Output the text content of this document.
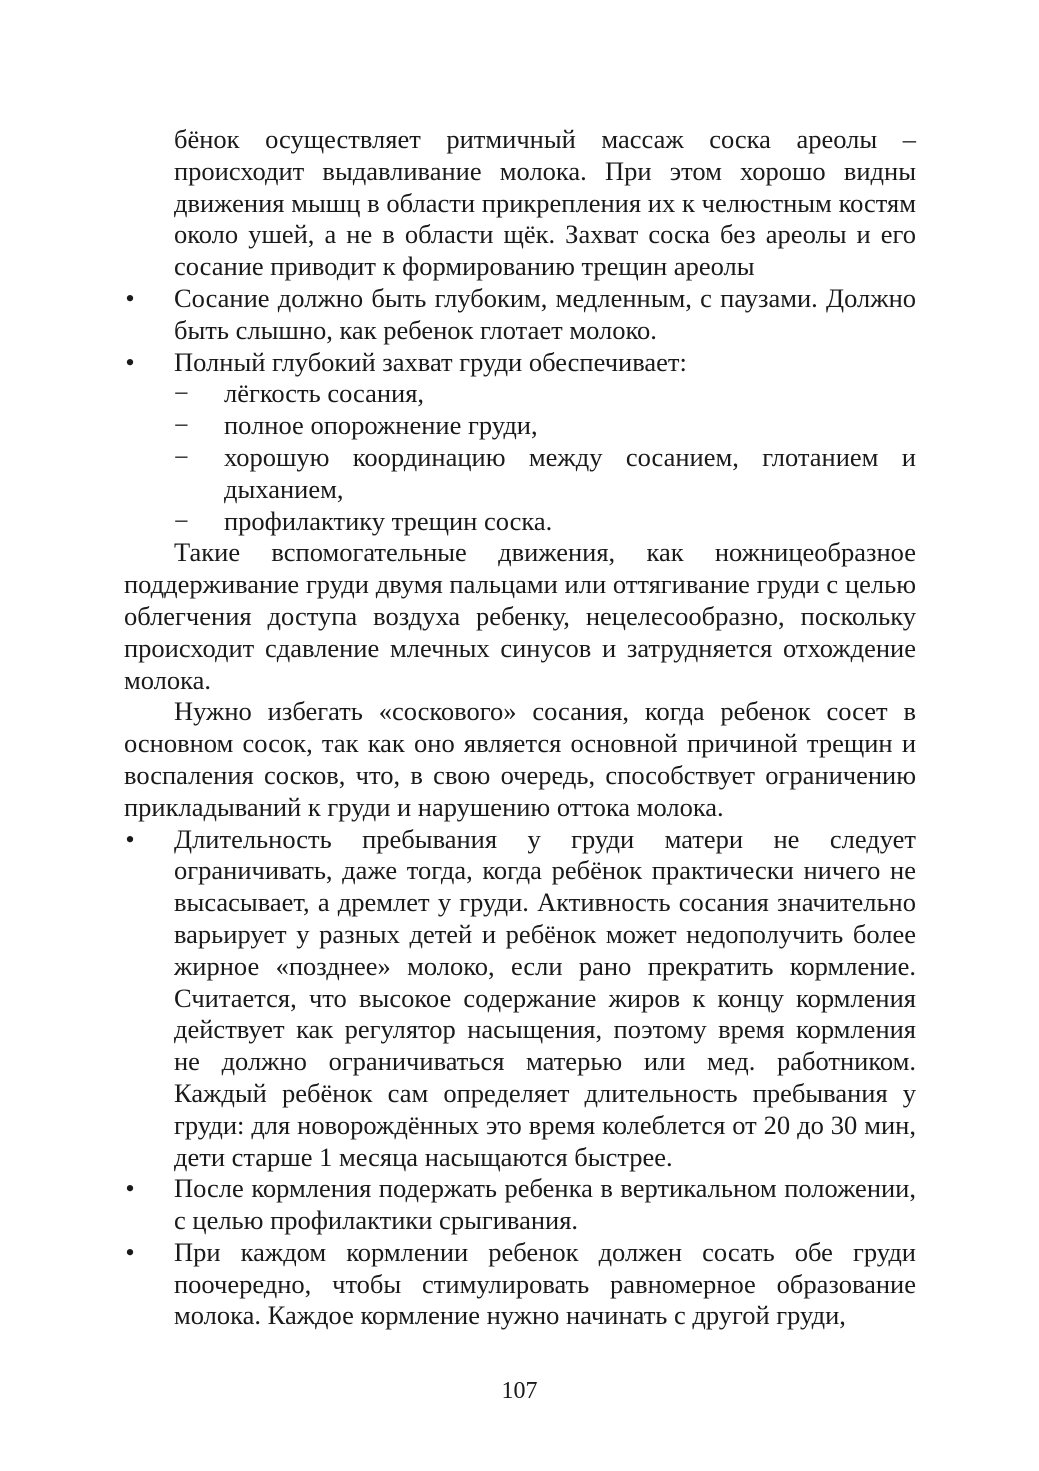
бёнок осуществляет ритмичный массаж соска ареолы – происходит выдавливание молока. При этом хорошо видны движения мышц в области прикрепления их к челюстным костям около ушей, а не в области щёк. Захват соска без ареолы и его сосание приводит к формированию трещин ареолы
• Сосание должно быть глубоким, медленным, с паузами. Должно быть слышно, как ребенок глотает молоко.
• Полный глубокий захват груди обеспечивает:
− лёгкость сосания,
− полное опорожнение груди,
− хорошую координацию между сосанием, глотанием и дыханием,
− профилактику трещин соска.

Такие вспомогательные движения, как ножницеобразное поддерживание груди двумя пальцами или оттягивание груди с целью облегчения доступа воздуха ребенку, нецелесообразно, поскольку происходит сдавление млечных синусов и затрудняется отхождение молока.

Нужно избегать «соскового» сосания, когда ребенок сосет в основном сосок, так как оно является основной причиной трещин и воспаления сосков, что, в свою очередь, способствует ограничению прикладываний к груди и нарушению оттока молока.

• Длительность пребывания у груди матери не следует ограничивать, даже тогда, когда ребёнок практически ничего не высасывает, а дремлет у груди. Активность сосания значительно варьирует у разных детей и ребёнок может недополучить более жирное «позднее» молоко, если рано прекратить кормление. Считается, что высокое содержание жиров к концу кормления действует как регулятор насыщения, поэтому время кормления не должно ограничиваться матерью или мед. работником. Каждый ребёнок сам определяет длительность пребывания у груди: для новорождённых это время колеблется от 20 до 30 мин, дети старше 1 месяца насыщаются быстрее.
• После кормления подержать ребенка в вертикальном положении, с целью профилактики срыгивания.
• При каждом кормлении ребенок должен сосать обе груди поочередно, чтобы стимулировать равномерное образование молока. Каждое кормление нужно начинать с другой груди,
107
